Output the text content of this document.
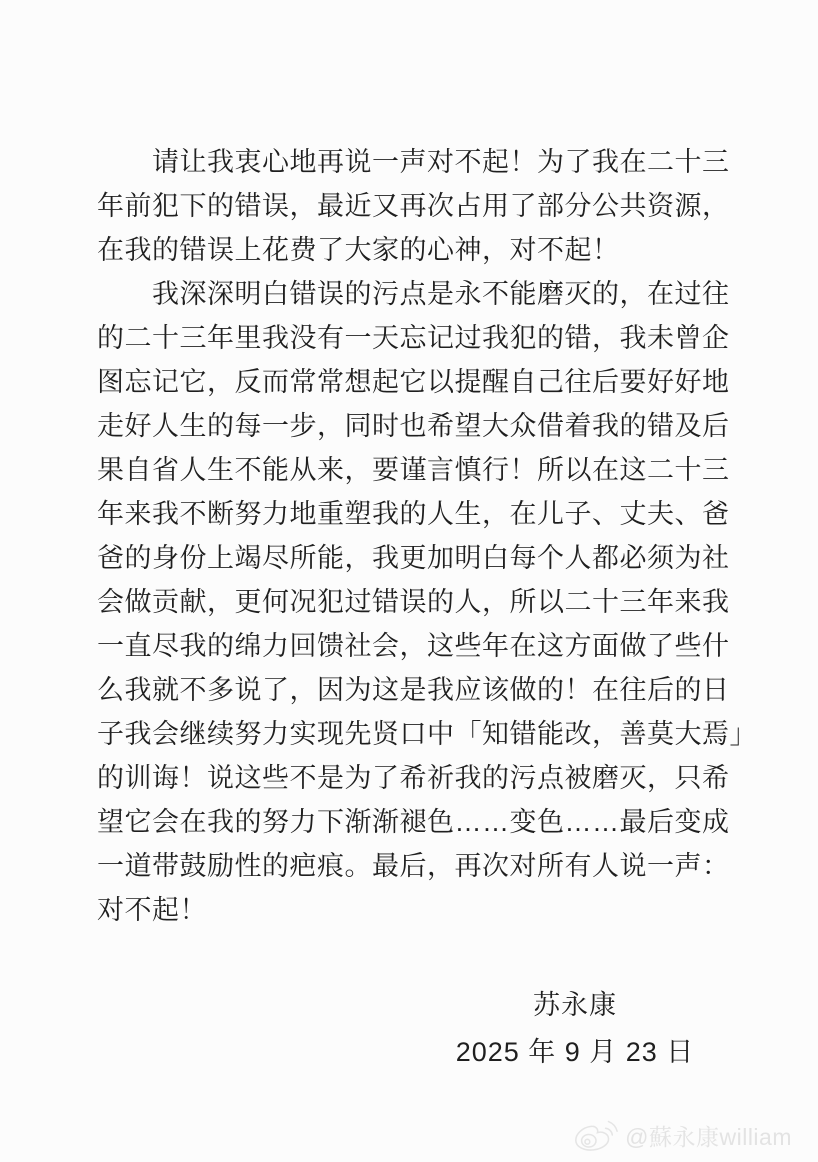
　　请让我衷心地再说一声对不起！为了我在二十三
年前犯下的错误，最近又再次占用了部分公共资源，
在我的错误上花费了大家的心神，对不起！
　　我深深明白错误的污点是永不能磨灭的，在过往
的二十三年里我没有一天忘记过我犯的错，我未曾企
图忘记它，反而常常想起它以提醒自己往后要好好地
走好人生的每一步，同时也希望大众借着我的错及后
果自省人生不能从来，要谨言慎行！所以在这二十三
年来我不断努力地重塑我的人生，在儿子、丈夫、爸
爸的身份上竭尽所能，我更加明白每个人都必须为社
会做贡献，更何况犯过错误的人，所以二十三年来我
一直尽我的绵力回馈社会，这些年在这方面做了些什
么我就不多说了，因为这是我应该做的！在往后的日
子我会继续努力实现先贤口中「知错能改，善莫大焉」
的训诲！说这些不是为了希祈我的污点被磨灭，只希
望它会在我的努力下渐渐褪色……变色……最后变成
一道带鼓励性的疤痕。最后，再次对所有人说一声：
对不起！
苏永康
2025 年 9 月 23 日
@蘇永康william
